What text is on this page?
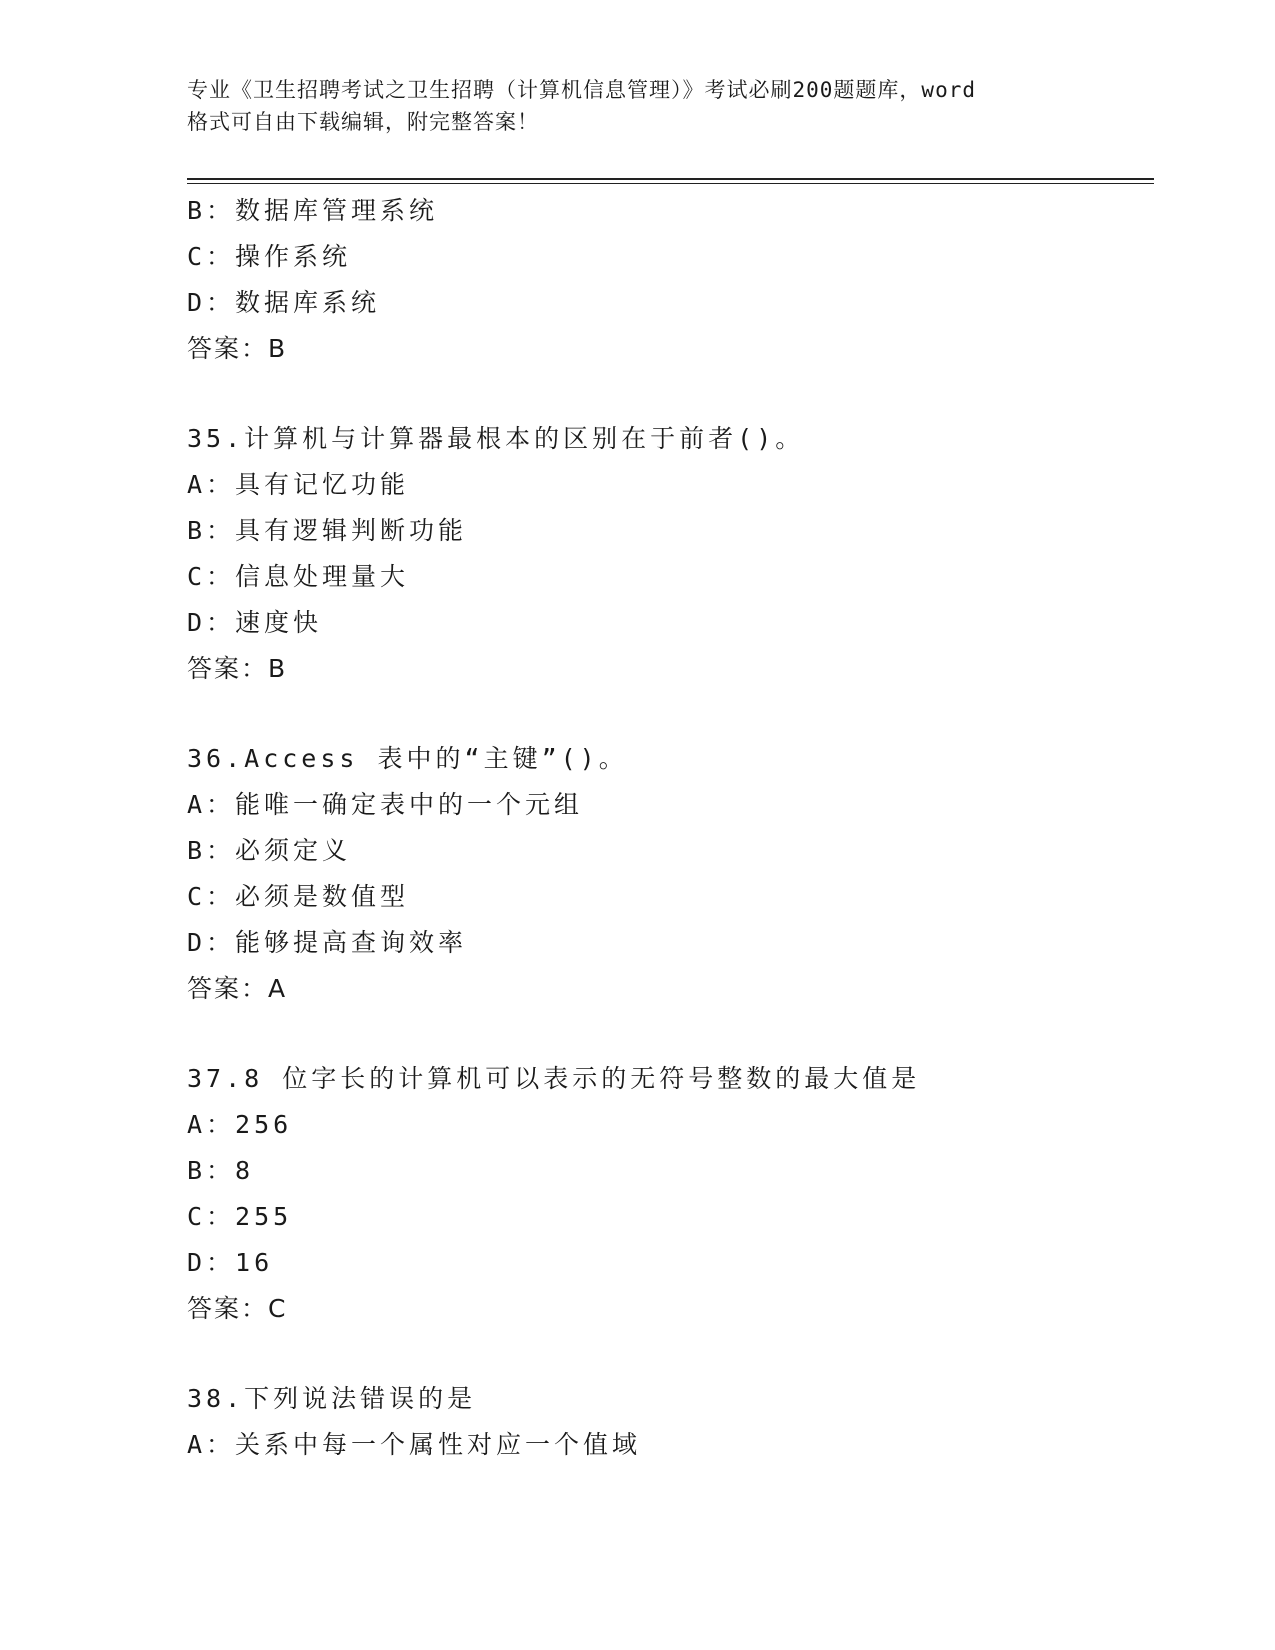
专业《卫生招聘考试之卫生招聘（计算机信息管理）》考试必刷200题题库，word
格式可自由下载编辑，附完整答案！
B：数据库管理系统
C：操作系统
D：数据库系统
答案：B
35.计算机与计算器最根本的区别在于前者()。
A：具有记忆功能
B：具有逻辑判断功能
C：信息处理量大
D：速度快
答案：B
36.Access 表中的“主键”()。
A：能唯一确定表中的一个元组
B：必须定义
C：必须是数值型
D：能够提高查询效率
答案：A
37.8 位字长的计算机可以表示的无符号整数的最大值是
A：256
B：8
C：255
D：16
答案：C
38.下列说法错误的是
A：关系中每一个属性对应一个值域
